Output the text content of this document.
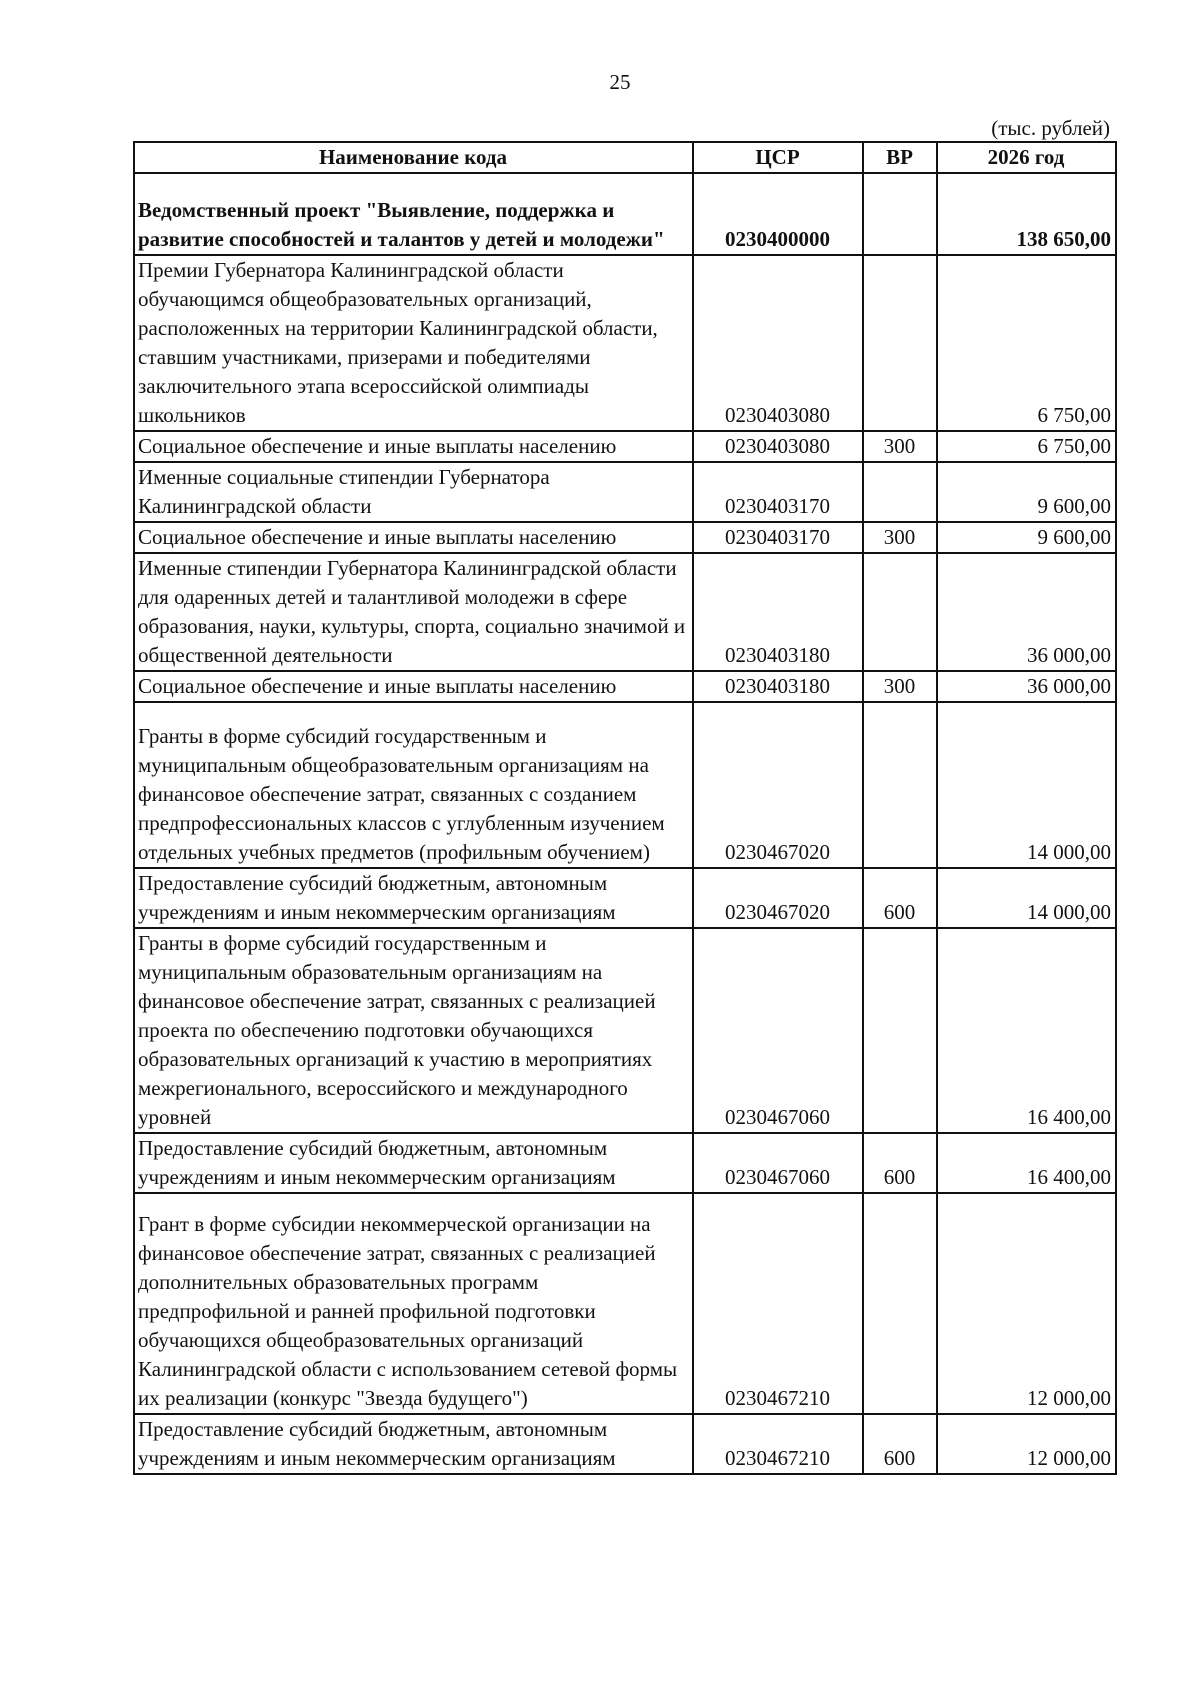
25
(тыс. рублей)
Наименование кода	ЦСР	ВР	2026 год
Ведомственный проект "Выявление, поддержка и развитие способностей и талантов у детей и молодежи"	0230400000		138 650,00
Премии Губернатора Калининградской области обучающимся общеобразовательных организаций, расположенных на территории Калининградской области, ставшим участниками, призерами и победителями заключительного этапа всероссийской олимпиады школьников	0230403080		6 750,00
Социальное обеспечение и иные выплаты населению	0230403080	300	6 750,00
Именные социальные стипендии Губернатора Калининградской области	0230403170		9 600,00
Социальное обеспечение и иные выплаты населению	0230403170	300	9 600,00
Именные стипендии Губернатора Калининградской области для одаренных детей и талантливой молодежи в сфере образования, науки, культуры, спорта, социально значимой и общественной деятельности	0230403180		36 000,00
Социальное обеспечение и иные выплаты населению	0230403180	300	36 000,00
Гранты в форме субсидий государственным и муниципальным общеобразовательным организациям на финансовое обеспечение затрат, связанных с созданием предпрофессиональных классов с углубленным изучением отдельных учебных предметов (профильным обучением)	0230467020		14 000,00
Предоставление субсидий бюджетным, автономным учреждениям и иным некоммерческим организациям	0230467020	600	14 000,00
Гранты в форме субсидий государственным и муниципальным образовательным организациям на финансовое обеспечение затрат, связанных с реализацией проекта по обеспечению подготовки обучающихся образовательных организаций к участию в мероприятиях межрегионального, всероссийского и международного уровней	0230467060		16 400,00
Предоставление субсидий бюджетным, автономным учреждениям и иным некоммерческим организациям	0230467060	600	16 400,00
Грант в форме субсидии некоммерческой организации на финансовое обеспечение затрат, связанных с реализацией дополнительных образовательных программ предпрофильной и ранней профильной подготовки обучающихся общеобразовательных организаций Калининградской области с использованием сетевой формы их реализации (конкурс "Звезда будущего")	0230467210		12 000,00
Предоставление субсидий бюджетным, автономным учреждениям и иным некоммерческим организациям	0230467210	600	12 000,00
